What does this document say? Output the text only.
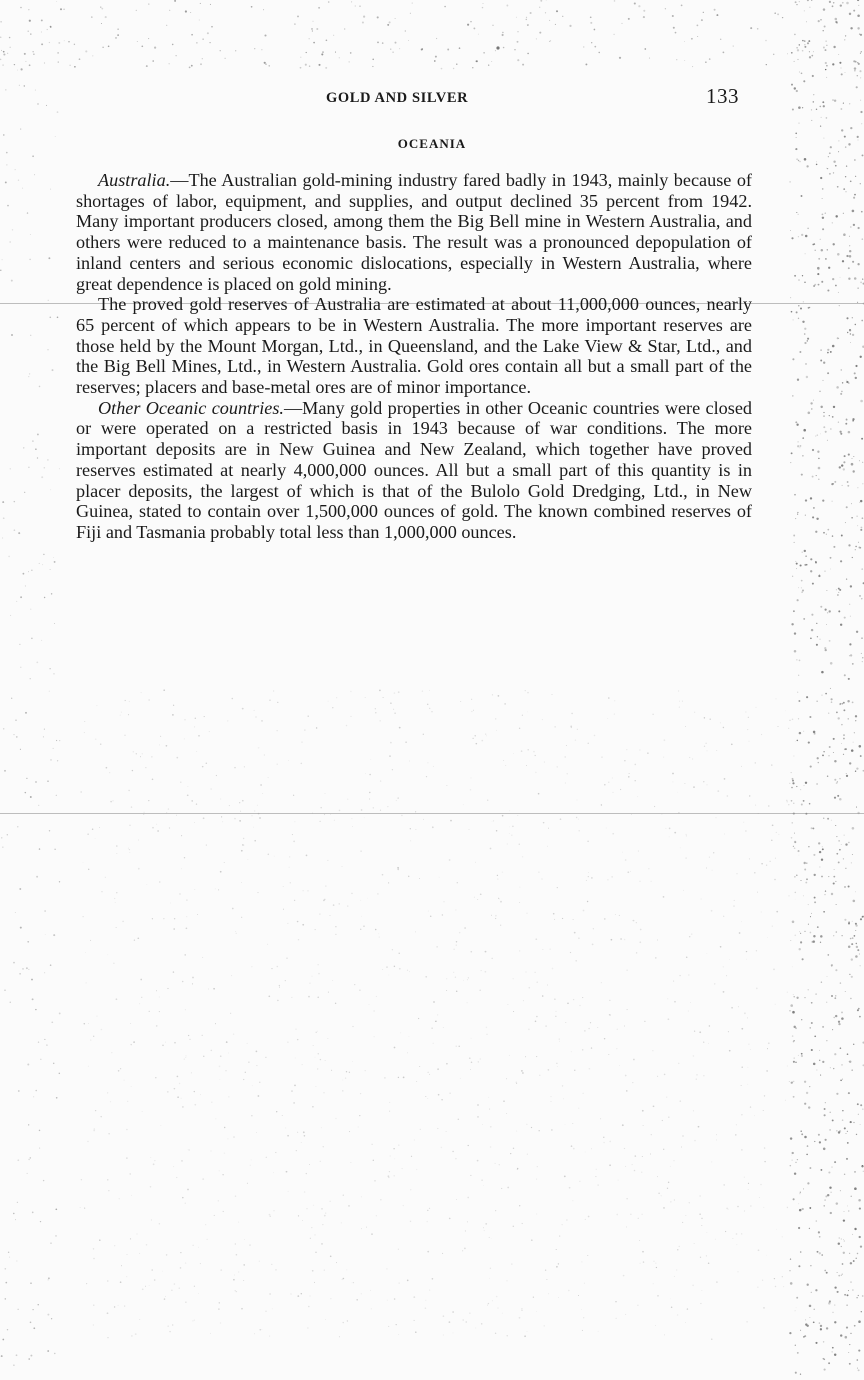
GOLD AND SILVER	133
OCEANIA

Australia.—The Australian gold-mining industry fared badly in 1943, mainly because of shortages of labor, equipment, and supplies, and output declined 35 percent from 1942. Many important producers closed, among them the Big Bell mine in Western Australia, and others were reduced to a maintenance basis. The result was a pronounced depopulation of inland centers and serious economic dislocations, especially in Western Australia, where great dependence is placed on gold mining.

The proved gold reserves of Australia are estimated at about 11,000,000 ounces, nearly 65 percent of which appears to be in Western Australia. The more important reserves are those held by the Mount Morgan, Ltd., in Queensland, and the Lake View & Star, Ltd., and the Big Bell Mines, Ltd., in Western Australia. Gold ores contain all but a small part of the reserves; placers and base-metal ores are of minor importance.

Other Oceanic countries.—Many gold properties in other Oceanic countries were closed or were operated on a restricted basis in 1943 because of war conditions. The more important deposits are in New Guinea and New Zealand, which together have proved reserves estimated at nearly 4,000,000 ounces. All but a small part of this quantity is in placer deposits, the largest of which is that of the Bulolo Gold Dredging, Ltd., in New Guinea, stated to contain over 1,500,000 ounces of gold. The known combined reserves of Fiji and Tasmania probably total less than 1,000,000 ounces.
